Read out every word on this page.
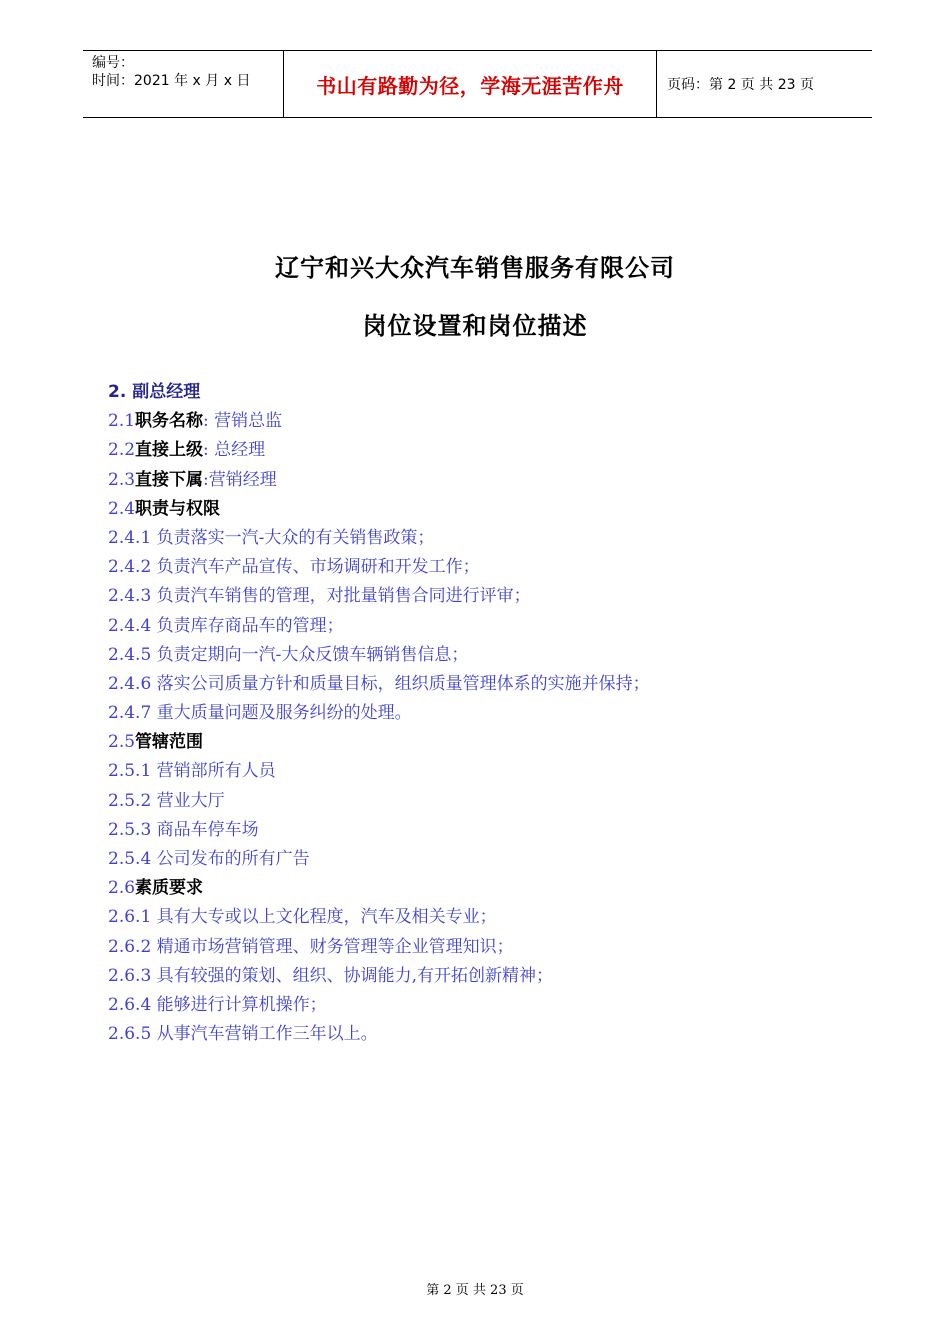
编号：
时间：2021 年 x 月 x 日	书山有路勤为径，学海无涯苦作舟	页码：第 2 页 共 23 页
辽宁和兴大众汽车销售服务有限公司
岗位设置和岗位描述
2. 副总经理
2.1职务名称: 营销总监
2.2直接上级: 总经理
2.3直接下属:营销经理
2.4职责与权限
2.4.1 负责落实一汽-大众的有关销售政策；
2.4.2 负责汽车产品宣传、市场调研和开发工作；
2.4.3 负责汽车销售的管理，对批量销售合同进行评审；
2.4.4 负责库存商品车的管理；
2.4.5 负责定期向一汽-大众反馈车辆销售信息；
2.4.6 落实公司质量方针和质量目标，组织质量管理体系的实施并保持；
2.4.7 重大质量问题及服务纠纷的处理。
2.5管辖范围
2.5.1 营销部所有人员
2.5.2 营业大厅
2.5.3 商品车停车场
2.5.4 公司发布的所有广告
2.6素质要求
2.6.1 具有大专或以上文化程度，汽车及相关专业；
2.6.2 精通市场营销管理、财务管理等企业管理知识；
2.6.3 具有较强的策划、组织、协调能力,有开拓创新精神；
2.6.4 能够进行计算机操作；
2.6.5 从事汽车营销工作三年以上。
第 2 页 共 23 页
